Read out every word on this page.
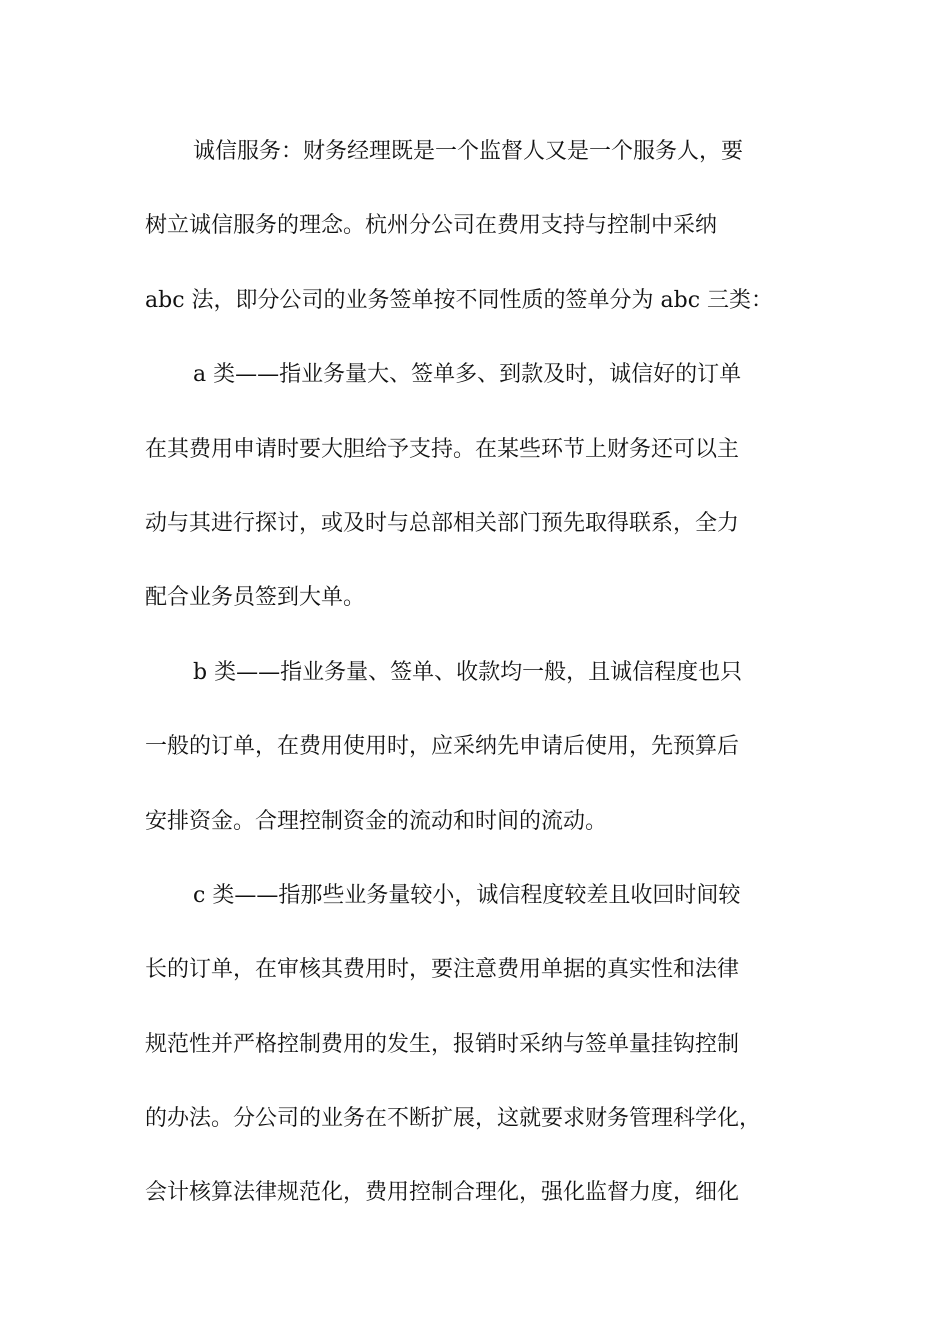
诚信服务：财务经理既是一个监督人又是一个服务人，要
树立诚信服务的理念。杭州分公司在费用支持与控制中采纳
abc 法，即分公司的业务签单按不同性质的签单分为 abc 三类：
a 类——指业务量大、签单多、到款及时，诚信好的订单
在其费用申请时要大胆给予支持。在某些环节上财务还可以主
动与其进行探讨，或及时与总部相关部门预先取得联系，全力
配合业务员签到大单。
b 类——指业务量、签单、收款均一般，且诚信程度也只
一般的订单，在费用使用时，应采纳先申请后使用，先预算后
安排资金。合理控制资金的流动和时间的流动。
c 类——指那些业务量较小，诚信程度较差且收回时间较
长的订单，在审核其费用时，要注意费用单据的真实性和法律
规范性并严格控制费用的发生，报销时采纳与签单量挂钩控制
的办法。分公司的业务在不断扩展，这就要求财务管理科学化，
会计核算法律规范化，费用控制合理化，强化监督力度，细化
